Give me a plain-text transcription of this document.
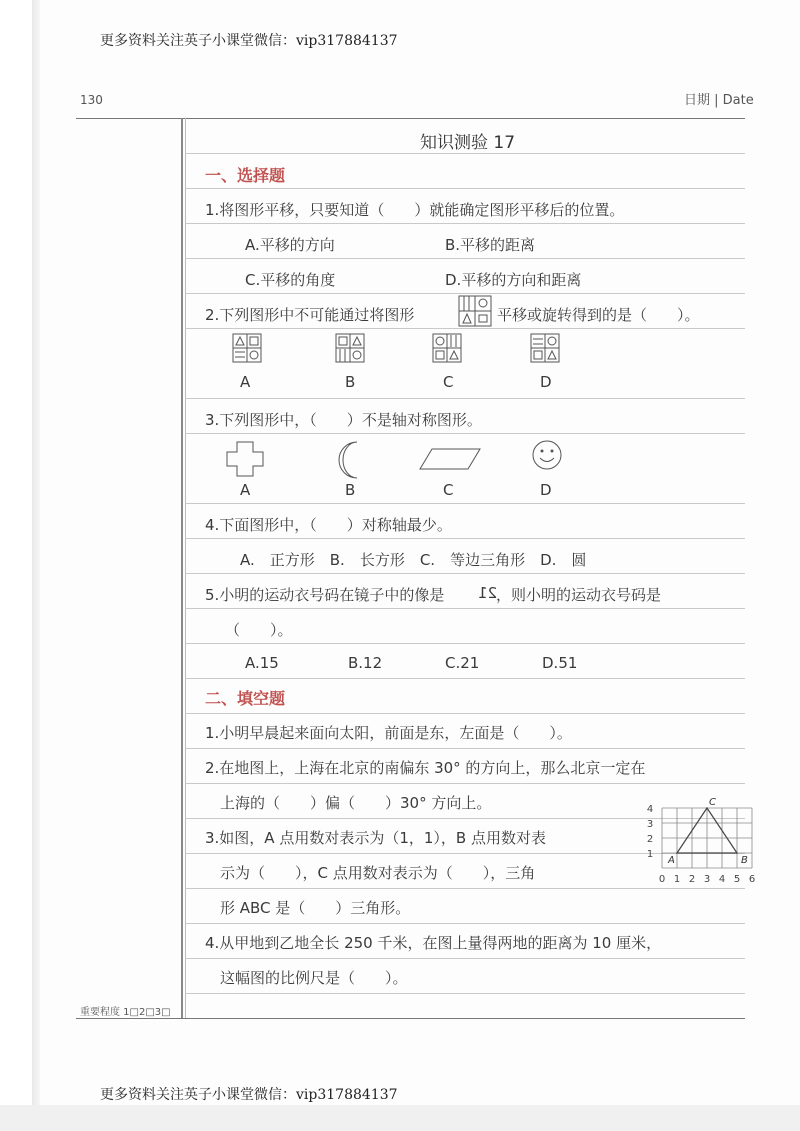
更多资料关注英子小课堂微信：vip317884137
130	日期 | Date
知识测验 17
一、选择题
1.将图形平移，只要知道（　　）就能确定图形平移后的位置。
A.平移的方向	B.平移的距离
C.平移的角度	D.平移的方向和距离
2.下列图形中不可能通过将图形	平移或旋转得到的是（　　）。
A	B	C	D
3.下列图形中，（　　）不是轴对称图形。
A	B	C	D
4.下面图形中，（　　）对称轴最少。
A.　正方形　B.　长方形　C.　等边三角形　D.　圆
5.小明的运动衣号码在镜子中的像是 21
，则小明的运动衣号码是
（　　）。
A.15	B.12	C.21	D.51
二、填空题
1.小明早晨起来面向太阳，前面是东，左面是（　　）。
2.在地图上，上海在北京的南偏东 30° 的方向上，那么北京一定在
上海的（　　）偏（　　）30° 方向上。
3.如图，A 点用数对表示为（1，1），B 点用数对表
示为（　　），C 点用数对表示为（　　），三角
形 ABC 是（　　）三角形。
0 1 2 3 4 5 6
1
2
3
4
A
C
B
4.从甲地到乙地全长 250 千米，在图上量得两地的距离为 10 厘米，
这幅图的比例尺是（　　）。
重要程度 1□2□3□
更多资料关注英子小课堂微信：vip317884137
